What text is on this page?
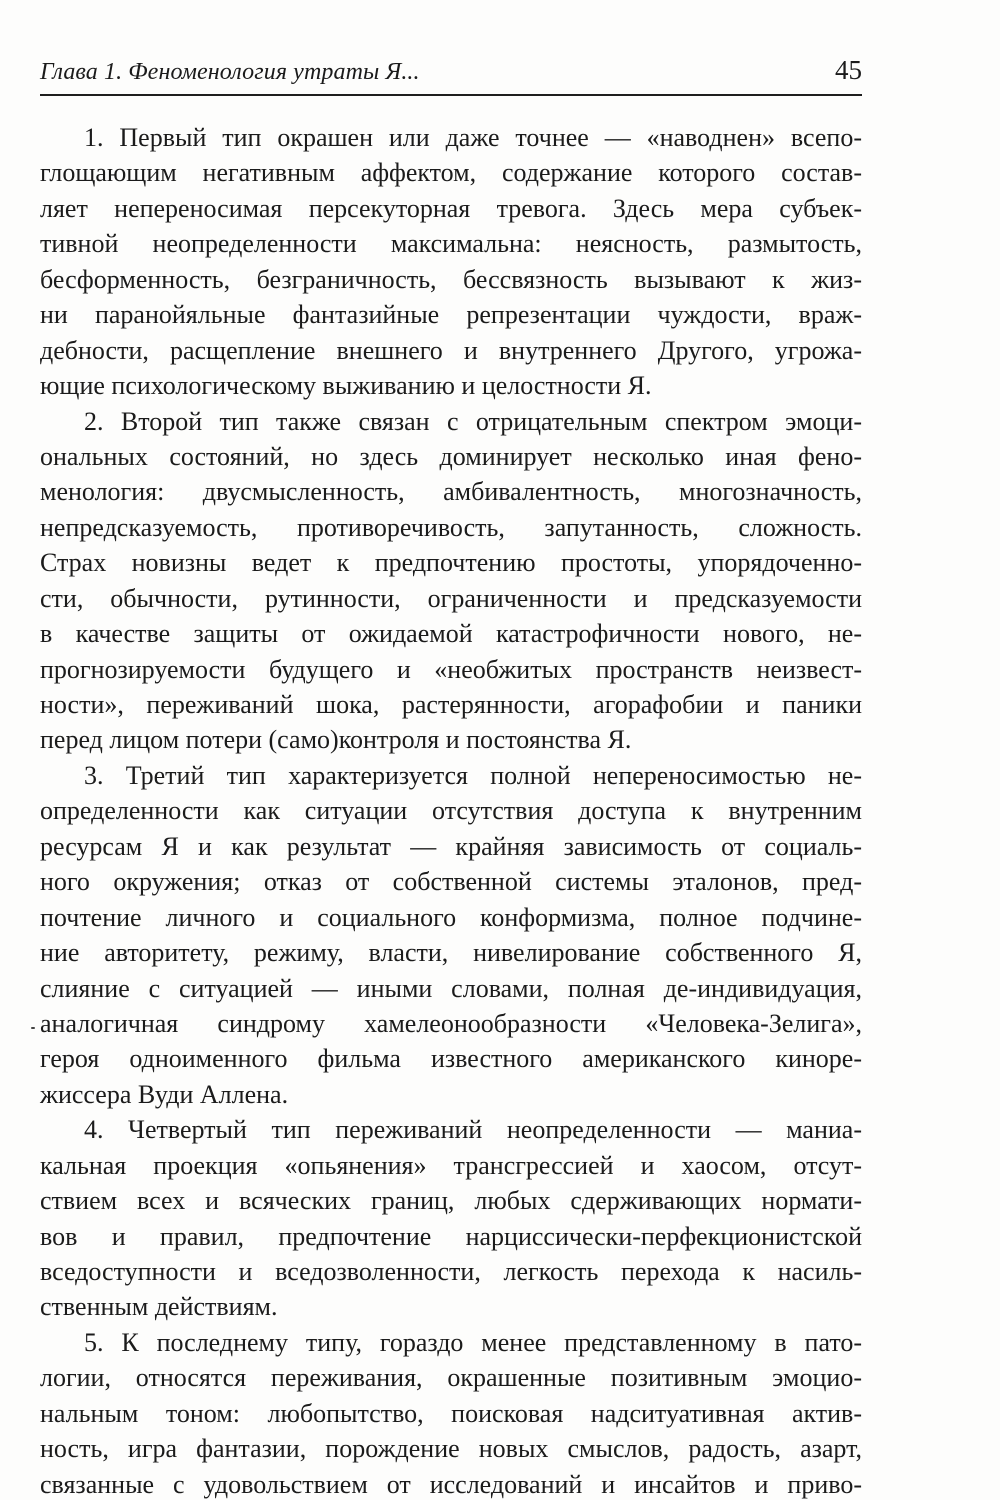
Глава 1. Феноменология утраты Я...	45
1. Первый тип окрашен или даже точнее — «наводнен» всепо-
глощающим негативным аффектом, содержание которого состав-
ляет непереносимая персекуторная тревога. Здесь мера субъек-
тивной неопределенности максимальна: неясность, размытость,
бесформенность, безграничность, бессвязность вызывают к жиз-
ни паранойяльные фантазийные репрезентации чуждости, враж-
дебности, расщепление внешнего и внутреннего Другого, угрожа-
ющие психологическому выживанию и целостности Я.
2. Второй тип также связан с отрицательным спектром эмоци-
ональных состояний, но здесь доминирует несколько иная фено-
менология: двусмысленность, амбивалентность, многозначность,
непредсказуемость, противоречивость, запутанность, сложность.
Страх новизны ведет к предпочтению простоты, упорядоченно-
сти, обычности, рутинности, ограниченности и предсказуемости
в качестве защиты от ожидаемой катастрофичности нового, не-
прогнозируемости будущего и «необжитых пространств неизвест-
ности», переживаний шока, растерянности, агорафобии и паники
перед лицом потери (само)контроля и постоянства Я.
3. Третий тип характеризуется полной непереносимостью не-
определенности как ситуации отсутствия доступа к внутренним
ресурсам Я и как результат — крайняя зависимость от социаль-
ного окружения; отказ от собственной системы эталонов, пред-
почтение личного и социального конформизма, полное подчине-
ние авторитету, режиму, власти, нивелирование собственного Я,
слияние с ситуацией — иными словами, полная де-индивидуация,
аналогичная синдрому хамелеонообразности «Человека-Зелига»,
героя одноименного фильма известного американского киноре-
жиссера Вуди Аллена.
4. Четвертый тип переживаний неопределенности — маниа-
кальная проекция «опьянения» трансгрессией и хаосом, отсут-
ствием всех и всяческих границ, любых сдерживающих нормати-
вов и правил, предпочтение нарциссически-перфекционистской
вседоступности и вседозволенности, легкость перехода к насиль-
ственным действиям.
5. К последнему типу, гораздо менее представленному в пато-
логии, относятся переживания, окрашенные позитивным эмоцио-
нальным тоном: любопытство, поисковая надситуативная актив-
ность, игра фантазии, порождение новых смыслов, радость, азарт,
связанные с удовольствием от исследований и инсайтов и приво-
